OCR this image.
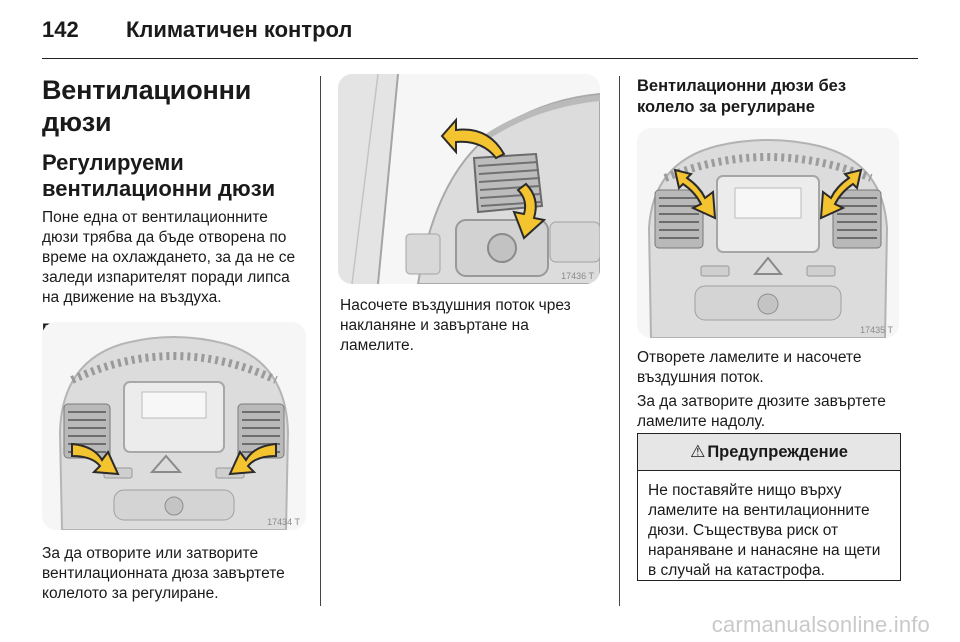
142	Климатичен контрол
Вентилационни дюзи
Регулируеми вентилационни дюзи

Поне една от вентилационните дюзи трябва да бъде отворена по време на охлаждането, за да не се заледи изпарителят поради липса на движение на въздуха.

17434 T

За да отворите или затворите вентилационната дюза завъртете колелото за регулиране.

17436 T

Насочете въздушния поток чрез накланяне и завъртане на ламелите.

Вентилационни дюзи без колело за регулиране
17435 T

Отворете ламелите и насочете въздушния поток.

За да затворите дюзите завъртете ламелите надолу.

⚠ Предупреждение
Не поставяйте нищо върху ламелите на вентилационните дюзи. Съществува риск от нараняване и нанасяне на щети в случай на катастрофа.
carmanualsonline.info
